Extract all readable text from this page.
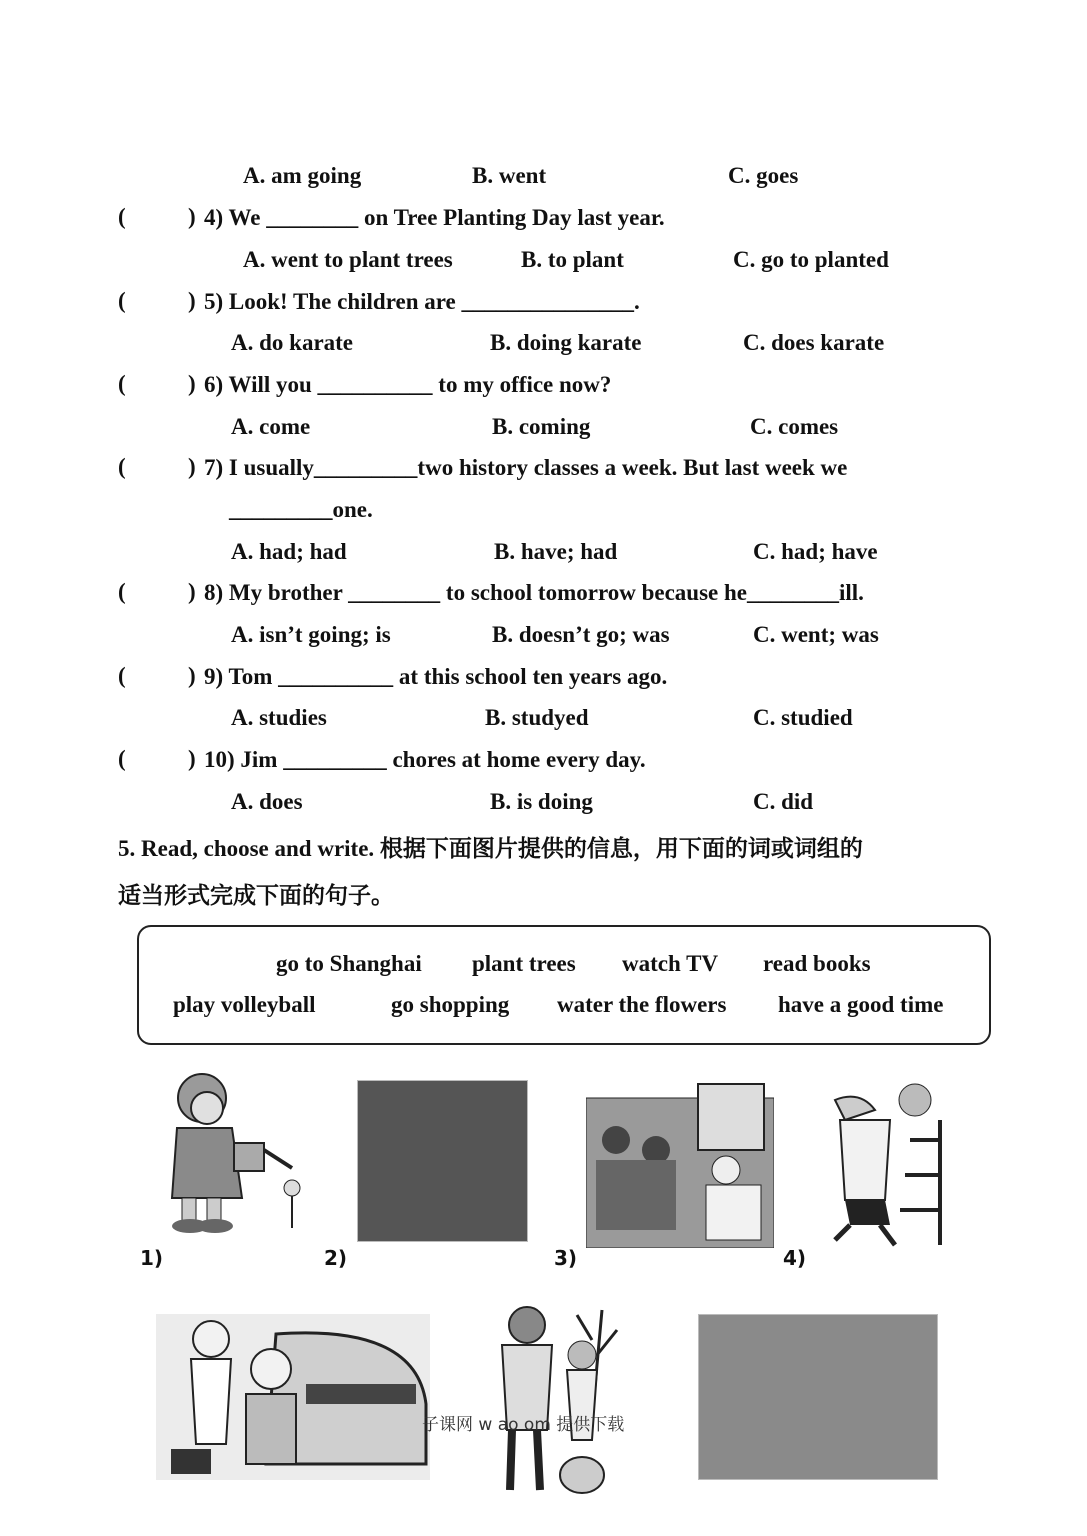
A. am going	B. went	C. goes
(	) 4) We ________ on Tree Planting Day last year.
A. went to plant trees	B. to plant	C. go to planted
(	) 5) Look! The children are _______________.
A. do karate	B. doing karate	C. does karate
(	) 6) Will you __________ to my office now?
A. come	B. coming	C. comes
(	) 7) I usually_________two history classes a week. But last week we
_________one.
A. had; had	B. have; had	C. had; have
(	) 8) My brother ________ to school tomorrow because he________ill.
A. isn’t going; is	B. doesn’t go; was	C. went; was
(	) 9) Tom __________ at this school ten years ago.
A. studies	B. studyed	C. studied
(	) 10) Jim _________ chores at home every day.
A. does	B. is doing	C. did
5. Read, choose and write. 根据下面图片提供的信息，用下面的词或词组的
适当形式完成下面的句子。
go to Shanghai plant trees watch TV read books
play volleyball	go shopping water the flowers have a good time
1)	2)	3)	4)
子课网 w ao om 提供下载
